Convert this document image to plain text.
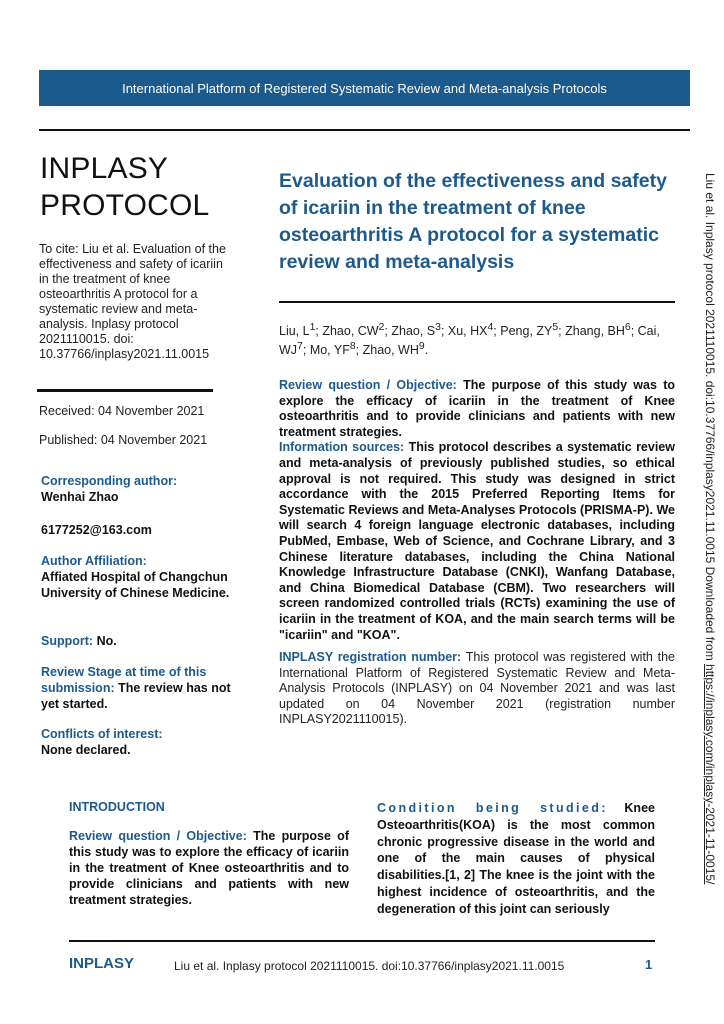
International Platform of Registered Systematic Review and Meta-analysis Protocols
INPLASY
PROTOCOL
To cite: Liu et al. Evaluation of the effectiveness and safety of icariin in the treatment of knee osteoarthritis A protocol for a systematic review and meta-analysis. Inplasy protocol 2021110015. doi: 10.37766/inplasy2021.11.0015
Received: 04 November 2021
Published: 04 November 2021
Corresponding author:
Wenhai Zhao
6177252@163.com
Author Affiliation:
Affiated Hospital of Changchun University of Chinese Medicine.
Support: No.
Review Stage at time of this submission: The review has not yet started.
Conflicts of interest:
None declared.
Evaluation of the effectiveness and safety of icariin in the treatment of knee osteoarthritis A protocol for a systematic review and meta-analysis
Liu, $L^1$; Zhao, $CW^2$; Zhao, $S^3$; Xu, $HX^4$; Peng, $ZY^5$; Zhang, $BH^6$; Cai, $WJ^7$; Mo, $YF^8$; Zhao, $WH^9$.
Review question / Objective: The purpose of this study was to explore the efficacy of icariin in the treatment of Knee osteoarthritis and to provide clinicians and patients with new treatment strategies.
Information sources: This protocol describes a systematic review and meta-analysis of previously published studies, so ethical approval is not required. This study was designed in strict accordance with the 2015 Preferred Reporting Items for Systematic Reviews and Meta-Analyses Protocols (PRISMA-P). We will search 4 foreign language electronic databases, including PubMed, Embase, Web of Science, and Cochrane Library, and 3 Chinese literature databases, including the China National Knowledge Infrastructure Database (CNKI), Wanfang Database, and China Biomedical Database (CBM). Two researchers will screen randomized controlled trials (RCTs) examining the use of icariin in the treatment of KOA, and the main search terms will be "icariin" and "KOA".
INPLASY registration number: This protocol was registered with the International Platform of Registered Systematic Review and Meta-Analysis Protocols (INPLASY) on 04 November 2021 and was last updated on 04 November 2021 (registration number INPLASY2021110015).
INTRODUCTION
Review question / Objective: The purpose of this study was to explore the efficacy of icariin in the treatment of Knee osteoarthritis and to provide clinicians and patients with new treatment strategies.
Condition being studied: Knee Osteoarthritis(KOA) is the most common chronic progressive disease in the world and one of the main causes of physical disabilities.[1, 2] The knee is the joint with the highest incidence of osteoarthritis, and the degeneration of this joint can seriously
INPLASY	Liu et al. Inplasy protocol 2021110015. doi:10.37766/inplasy2021.11.0015	1
Liu et al. Inplasy protocol 2021110015. doi:10.37766/inplasy2021.11.0015 Downloaded from https://inplasy.com/inplasy-2021-11-0015/
